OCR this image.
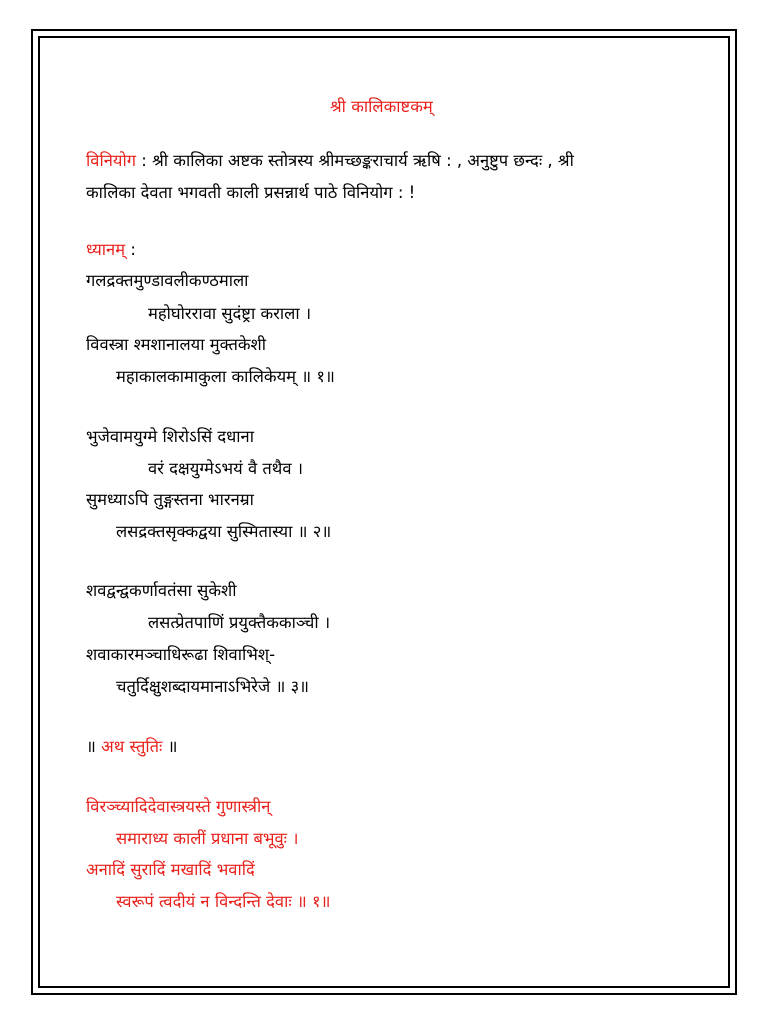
श्री कालिकाष्टकम्
विनियोग : श्री कालिका अष्टक स्तोत्रस्य श्रीमच्छङ्कराचार्य ऋषि : , अनुष्टुप छन्दः , श्री
कालिका देवता भगवती काली प्रसन्नार्थ पाठे विनियोग : !
ध्यानम् :
गलद्रक्तमुण्डावलीकण्ठमाला
महोघोररावा सुदंष्ट्रा कराला ।
विवस्त्रा श्मशानालया मुक्तकेशी
महाकालकामाकुला कालिकेयम् ॥ १॥
भुजेवामयुग्मे शिरोऽसिं दधाना
वरं दक्षयुग्मेऽभयं वै तथैव ।
सुमध्याऽपि तुङ्गस्तना भारनम्रा
लसद्रक्तसृक्कद्वया सुस्मितास्या ॥ २॥
शवद्वन्द्वकर्णावतंसा सुकेशी
लसत्प्रेतपाणिं प्रयुक्तैककाञ्ची ।
शवाकारमञ्चाधिरूढा शिवाभिश्-
चतुर्दिक्षुशब्दायमानाऽभिरेजे ॥ ३॥
॥ अथ स्तुतिः ॥
विरञ्च्यादिदेवास्त्रयस्ते गुणास्त्रीन्
समाराध्य कालीं प्रधाना बभूवुः ।
अनादिं सुरादिं मखादिं भवादिं
स्वरूपं त्वदीयं न विन्दन्ति देवाः ॥ १॥
